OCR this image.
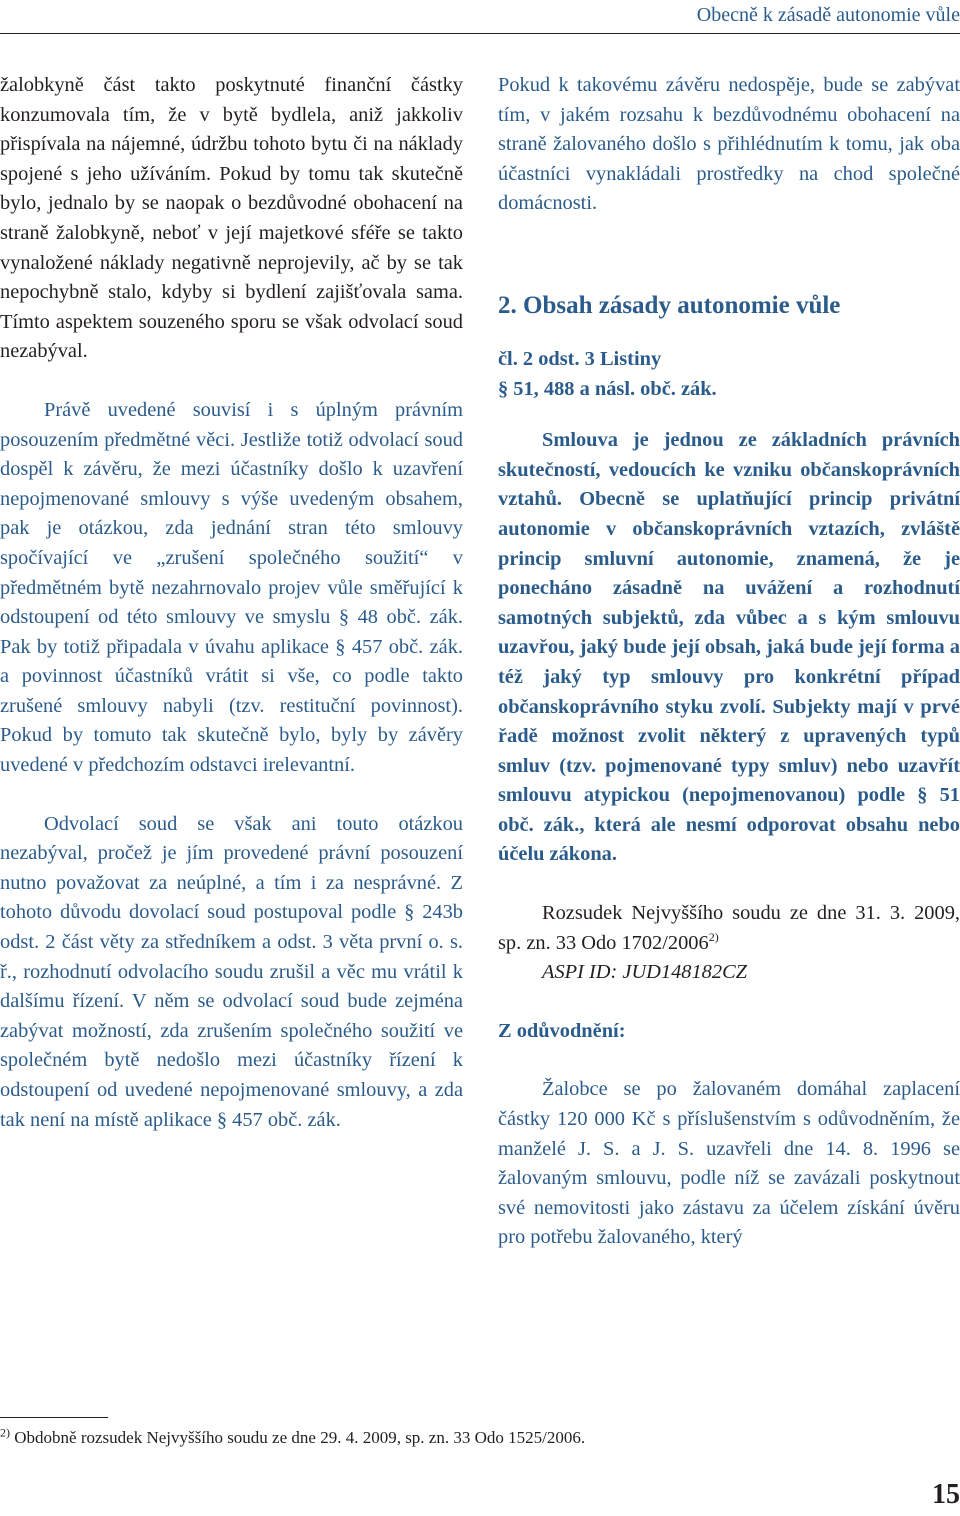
Obecně k zásadě autonomie vůle

žalobkyně část takto poskytnuté finanční částky konzumovala tím, že v bytě bydlela, aniž jakkoliv přispívala na nájemné, údržbu tohoto bytu či na náklady spojené s jeho užíváním. Pokud by tomu tak skutečně bylo, jednalo by se naopak o bezdůvodné obohacení na straně žalobkyně, neboť v její majetkové sféře se takto vynaložené náklady negativně neprojevily, ač by se tak nepochybně stalo, kdyby si bydlení zajišťovala sama. Tímto aspektem souzeného sporu se však odvolací soud nezabýval.

Právě uvedené souvisí i s úplným právním posouzením předmětné věci. Jestliže totiž odvolací soud dospěl k závěru, že mezi účastníky došlo k uzavření nepojmenované smlouvy s výše uvedeným obsahem, pak je otázkou, zda jednání stran této smlouvy spočívající ve „zrušení společného soužití“ v předmětném bytě nezahrnovalo projev vůle směřující k odstoupení od této smlouvy ve smyslu § 48 obč. zák. Pak by totiž připadala v úvahu aplikace § 457 obč. zák. a povinnost účastníků vrátit si vše, co podle takto zrušené smlouvy nabyli (tzv. restituční povinnost). Pokud by tomuto tak skutečně bylo, byly by závěry uvedené v předchozím odstavci irelevantní.

Odvolací soud se však ani touto otázkou nezabýval, pročež je jím provedené právní posouzení nutno považovat za neúplné, a tím i za nesprávné. Z tohoto důvodu dovolací soud postupoval podle § 243b odst. 2 část věty za středníkem a odst. 3 věta první o. s. ř., rozhodnutí odvolacího soudu zrušil a věc mu vrátil k dalšímu řízení. V něm se odvolací soud bude zejména zabývat možností, zda zrušením společného soužití ve společném bytě nedošlo mezi účastníky řízení k odstoupení od uvedené nepojmenované smlouvy, a zda tak není na místě aplikace § 457 obč. zák.

Pokud k takovému závěru nedospěje, bude se zabývat tím, v jakém rozsahu k bezdůvodnému obohacení na straně žalovaného došlo s přihlédnutím k tomu, jak oba účastníci vynakládali prostředky na chod společné domácnosti.

2. Obsah zásady autonomie vůle

čl. 2 odst. 3 Listiny

§ 51, 488 a násl. obč. zák.

Smlouva je jednou ze základních právních skutečností, vedoucích ke vzniku občanskoprávních vztahů. Obecně se uplatňující princip privátní autonomie v občanskoprávních vztazích, zvláště princip smluvní autonomie, znamená, že je ponecháno zásadně na uvážení a rozhodnutí samotných subjektů, zda vůbec a s kým smlouvu uzavřou, jaký bude její obsah, jaká bude její forma a též jaký typ smlouvy pro konkrétní případ občanskoprávního styku zvolí. Subjekty mají v prvé řadě možnost zvolit některý z upravených typů smluv (tzv. pojmenované typy smluv) nebo uzavřít smlouvu atypickou (nepojmenovanou) podle § 51 obč. zák., která ale nesmí odporovat obsahu nebo účelu zákona.

Rozsudek Nejvyššího soudu ze dne 31. 3. 2009, sp. zn. 33 Odo 1702/2006$^{2)}$

ASPI ID: JUD148182CZ

Z odůvodnění:

Žalobce se po žalovaném domáhal zaplacení částky 120 000 Kč s příslušenstvím s odůvodněním, že manželé J. S. a J. S. uzavřeli dne 14. 8. 1996 se žalovaným smlouvu, podle níž se zavázali poskytnout své nemovitosti jako zástavu za účelem získání úvěru pro potřebu žalovaného, který

$^{2)}$ Obdobně rozsudek Nejvyššího soudu ze dne 29. 4. 2009, sp. zn. 33 Odo 1525/2006.
15
